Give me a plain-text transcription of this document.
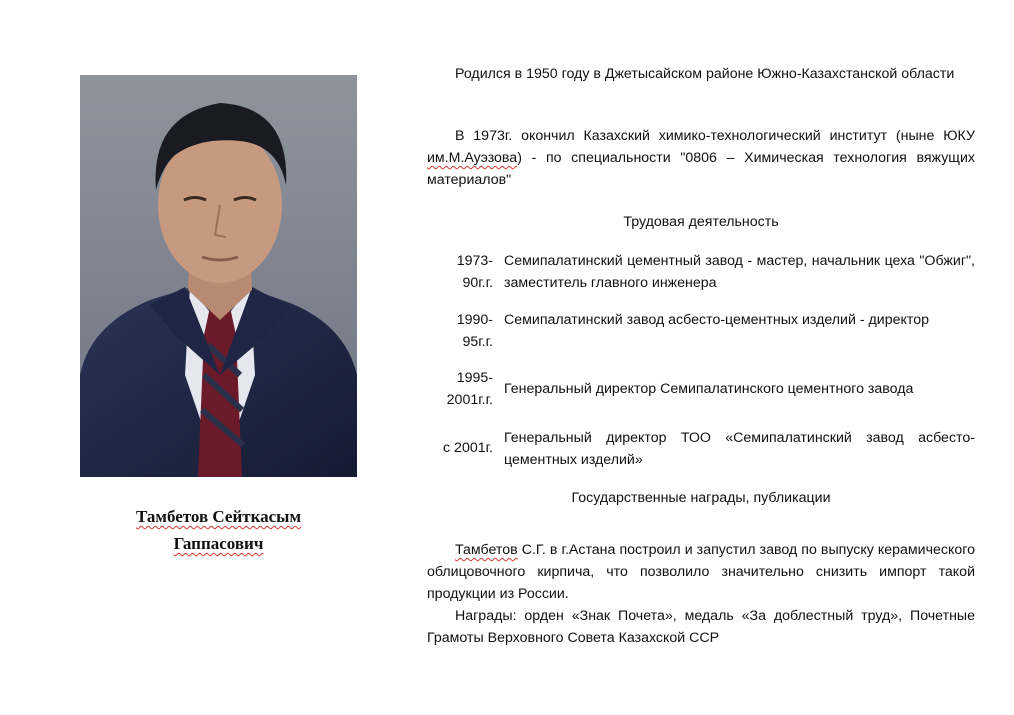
Тамбетов Сейткасым
Гаппасович

Родился в 1950 году в Джетысайском районе Южно-Казахстанской области

В 1973г. окончил Казахский химико-технологический институт (ныне ЮКУ им.М.Ауэзова) - по специальности "0806 – Химическая технология вяжущих материалов"

Трудовая деятельность

1973-
90г.г.
Семипалатинский цементный завод - мастер, начальник цеха "Обжиг", заместитель главного инженера
1990-
95г.г.
Семипалатинский завод асбесто-цементных изделий - директор
1995-
2001г.г.
Генеральный директор Семипалатинского цементного завода
с 2001г.
Генеральный директор ТОО «Семипалатинский завод асбесто-цементных изделий»

Государственные награды, публикации

Тамбетов С.Г. в г.Астана построил и запустил завод по выпуску керамического облицовочного кирпича, что позволило значительно снизить импорт такой продукции из России.

Награды: орден «Знак Почета», медаль «За доблестный труд», Почетные Грамоты Верховного Совета Казахской ССР
